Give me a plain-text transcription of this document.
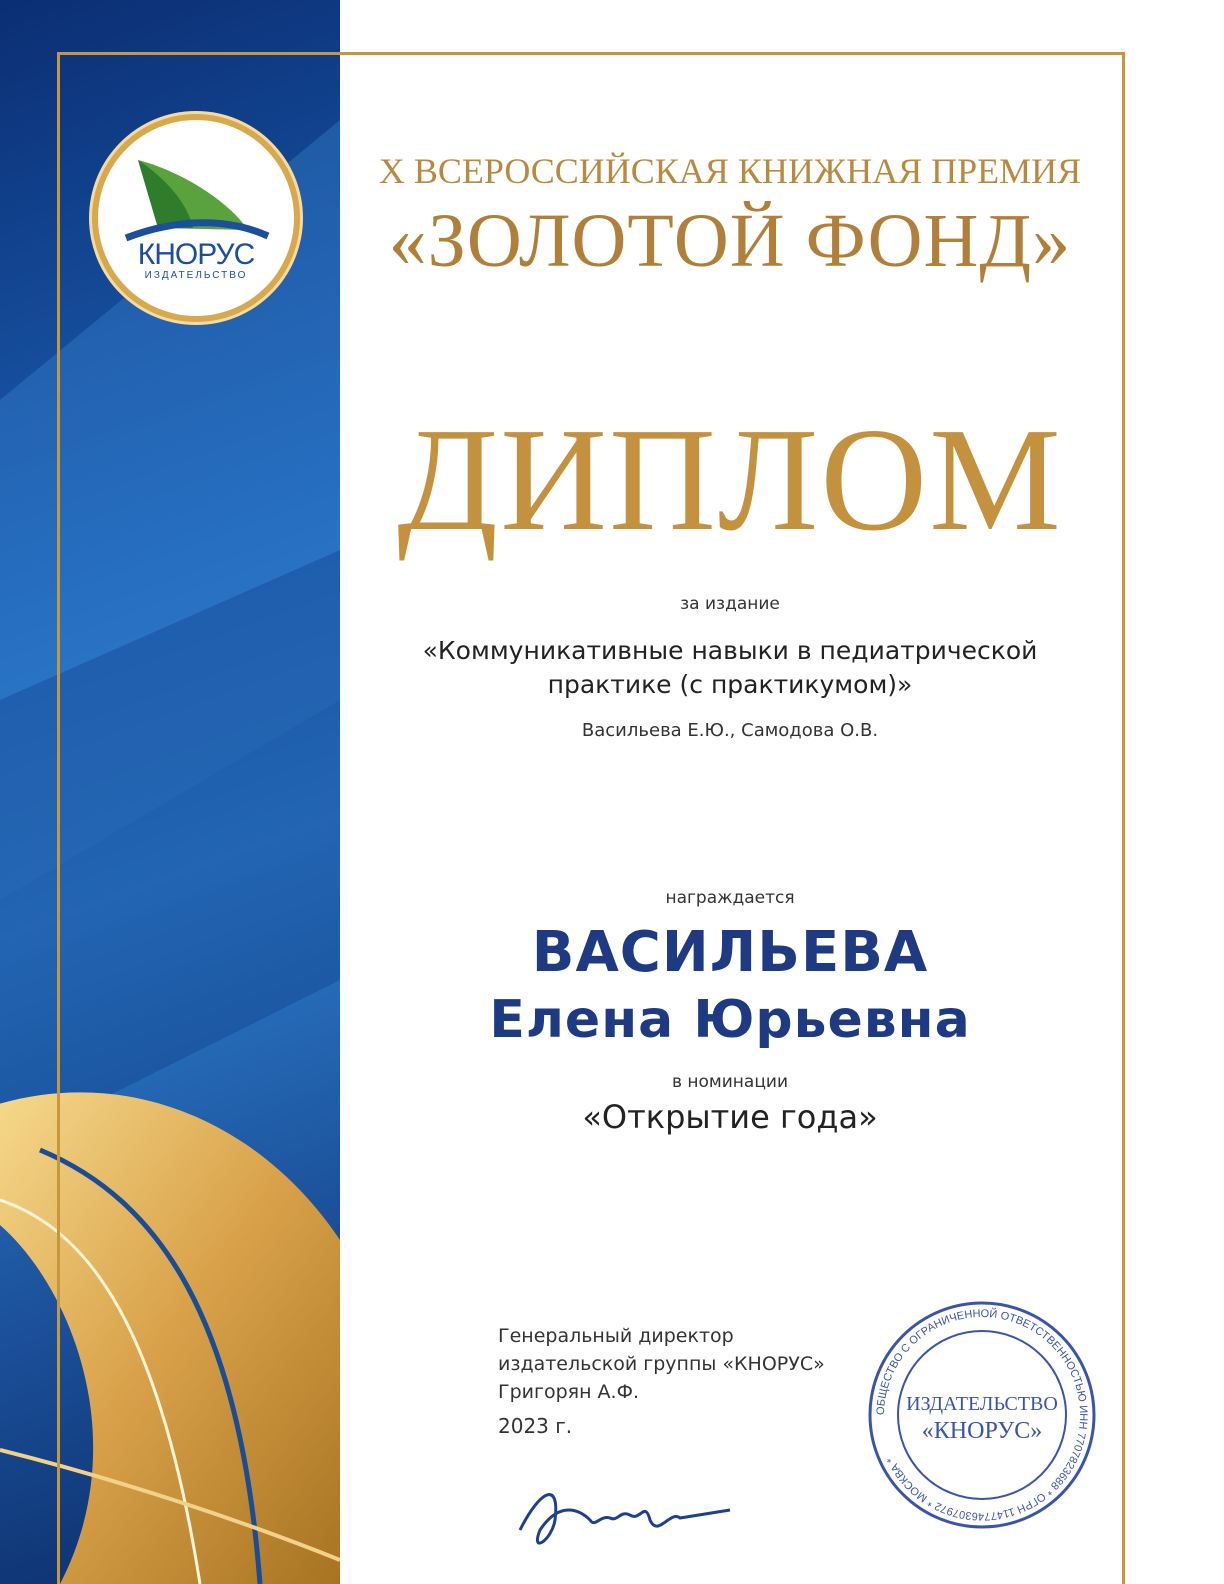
КНОРУС
ИЗДАТЕЛЬСТВО
X ВСЕРОССИЙСКАЯ КНИЖНАЯ ПРЕМИЯ
«ЗОЛОТОЙ ФОНД»
ДИПЛОМ
за издание
«Коммуникативные навыки в педиатрической
практике (с практикумом)»
Васильева Е.Ю., Самодова О.В.
награждается
ВАСИЛЬЕВА
Елена Юрьевна
в номинации
«Открытие года»
Генеральный директор
издательской группы «КНОРУС»
Григорян А.Ф.
2023 г.
ОБЩЕСТВО С ОГРАНИЧЕННОЙ ОТВЕТСТВЕННОСТЬЮ ИНН 7707823688 * ОГРН 1147746307972 * МОСКВА *
ИЗДАТЕЛЬСТВО
«КНОРУС»
